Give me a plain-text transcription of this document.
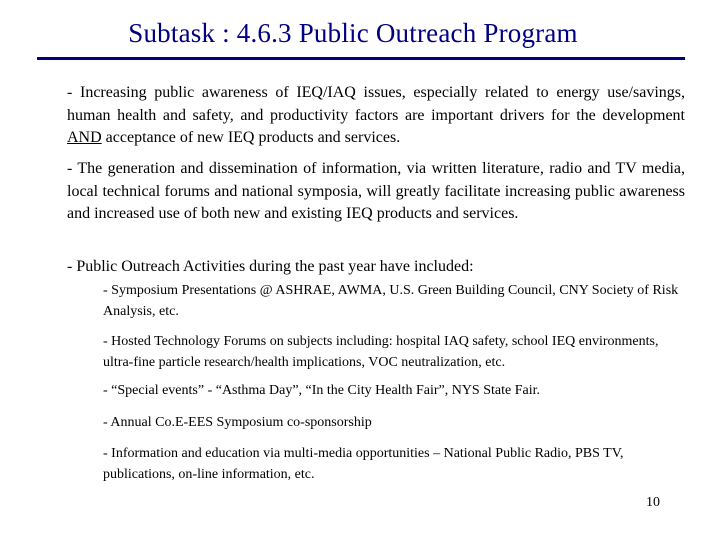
Subtask : 4.6.3 Public Outreach Program

- Increasing public awareness of IEQ/IAQ issues, especially related to energy use/savings, human health and safety, and productivity factors are important drivers for the development AND acceptance of new IEQ products and services.

- The generation and dissemination of information, via written literature, radio and TV media, local technical forums and national symposia, will greatly facilitate increasing public awareness and increased use of both new and existing IEQ products and services.

- Public Outreach Activities during the past year have included:

- Symposium Presentations @ ASHRAE, AWMA, U.S. Green Building Council, CNY Society of Risk Analysis, etc.

- Hosted Technology Forums on subjects including: hospital IAQ safety, school IEQ environments, ultra-fine particle research/health implications, VOC neutralization, etc.

- “Special events” - “Asthma Day”, “In the City Health Fair”, NYS State Fair.

- Annual Co.E-EES Symposium co-sponsorship

- Information and education via multi-media opportunities – National Public Radio, PBS TV, publications, on-line information, etc.

10
